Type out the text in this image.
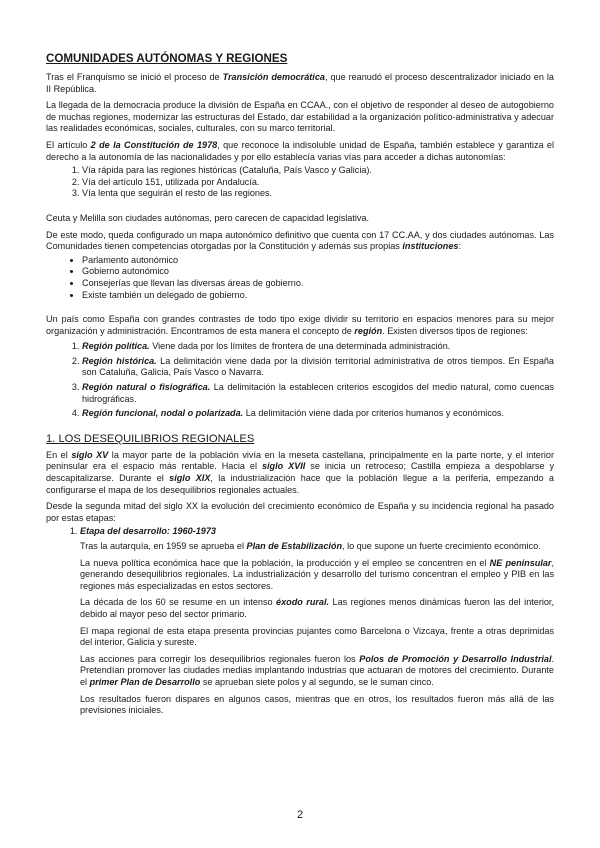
COMUNIDADES AUTÓNOMAS Y REGIONES

Tras el Franquismo se inició el proceso de Transición democrática, que reanudó el proceso descentralizador iniciado en la II República.

La llegada de la democracia produce la división de España en CCAA., con el objetivo de responder al deseo de autogobierno de muchas regiones, modernizar las estructuras del Estado, dar estabilidad a la organización político-administrativa y adecuar las realidades económicas, sociales, culturales, con su marco territorial.

El artículo 2 de la Constitución de 1978, que reconoce la indisoluble unidad de España, también establece y garantiza el derecho a la autonomía de las nacionalidades y por ello establecía varias vías para acceder a dichas autonomías:

1. Vía rápida para las regiones históricas (Cataluña, País Vasco y Galicia).
2. Vía del artículo 151, utilizada por Andalucía.
3. Vía lenta que seguirán el resto de las regiones.

Ceuta y Melilla son ciudades autónomas, pero carecen de capacidad legislativa.

De este modo, queda configurado un mapa autonómico definitivo que cuenta con 17 CC.AA, y dos ciudades autónomas. Las Comunidades tienen competencias otorgadas por la Constitución y además sus propias instituciones:

• Parlamento autonómico
• Gobierno autonómico
• Consejerías que llevan las diversas áreas de gobierno.
• Existe también un delegado de gobierno.

Un país como España con grandes contrastes de todo tipo exige dividir su territorio en espacios menores para su mejor organización y administración. Encontramos de esta manera el concepto de región. Existen diversos tipos de regiones:

1. Región política. Viene dada por los límites de frontera de una determinada administración.
2. Región histórica. La delimitación viene dada por la división territorial administrativa de otros tiempos. En España son Cataluña, Galicia, País Vasco o Navarra.
3. Región natural o fisiográfica. La delimitación la establecen criterios escogidos del medio natural, como cuencas hidrográficas.
4. Región funcional, nodal o polarizada. La delimitación viene dada por criterios humanos y económicos.
1. LOS DESEQUILIBRIOS REGIONALES

En el siglo XV la mayor parte de la población vivía en la meseta castellana, principalmente en la parte norte, y el interior peninsular era el espacio más rentable. Hacia el siglo XVII se inicia un retroceso; Castilla empieza a despoblarse y descapitalizarse. Durante el siglo XIX, la industrialización hace que la población llegue a la periferia, empezando a configurarse el mapa de los desequilibrios regionales actuales.

Desde la segunda mitad del siglo XX la evolución del crecimiento económico de España y su incidencia regional ha pasado por estas etapas:

1. Etapa del desarrollo: 1960-1973

Tras la autarquía, en 1959 se aprueba el Plan de Estabilización, lo que supone un fuerte crecimiento económico.

La nueva política económica hace que la población, la producción y el empleo se concentren en el NE peninsular, generando desequilibrios regionales. La industrialización y desarrollo del turismo concentran el empleo y PIB en las regiones más especializadas en estos sectores.

La década de los 60 se resume en un intenso éxodo rural. Las regiones menos dinámicas fueron las del interior, debido al mayor peso del sector primario.

El mapa regional de esta etapa presenta provincias pujantes como Barcelona o Vizcaya, frente a otras deprimidas del interior, Galicia y sureste.

Las acciones para corregir los desequilibrios regionales fueron los Polos de Promoción y Desarrollo Industrial. Pretendían promover las ciudades medias implantando industrias que actuaran de motores del crecimiento. Durante el primer Plan de Desarrollo se aprueban siete polos y al segundo, se le suman cinco.

Los resultados fueron dispares en algunos casos, mientras que en otros, los resultados fueron más allá de las previsiones iniciales.

2
